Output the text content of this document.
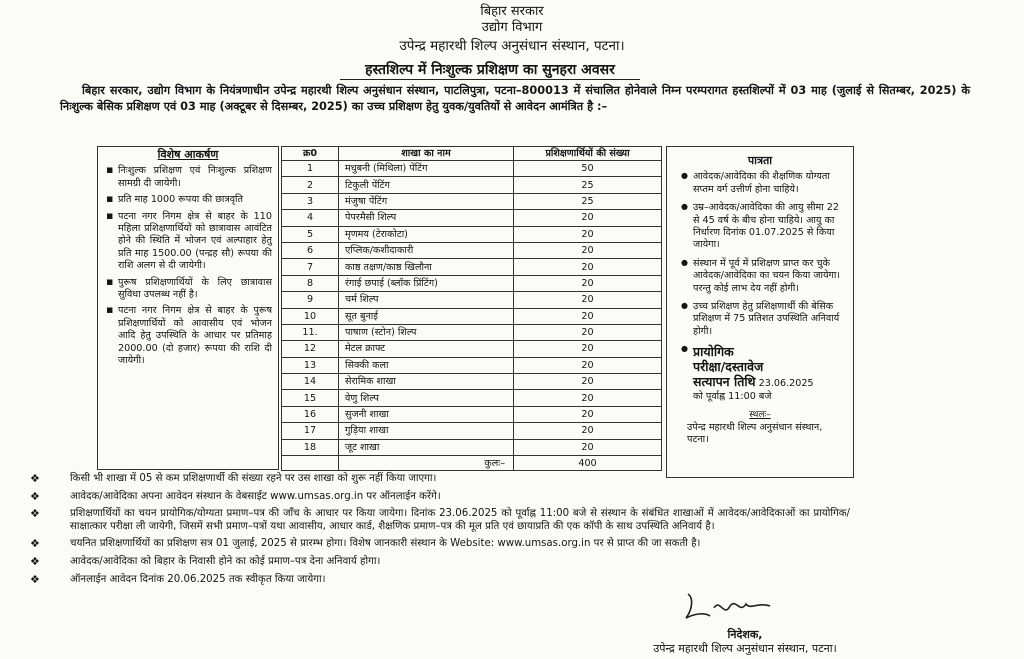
बिहार सरकार
उद्योग विभाग
उपेन्द्र महारथी शिल्प अनुसंधान संस्थान, पटना।
हस्तशिल्प में निःशुल्क प्रशिक्षण का सुनहरा अवसर
बिहार सरकार, उद्योग विभाग के नियंत्रणाधीन उपेन्द्र महारथी शिल्प अनुसंधान संस्थान, पाटलिपुत्रा, पटना–800013 में संचालित होनेवाले निम्न परम्परागत हस्तशिल्पों में 03 माह (जुलाई से सितम्बर, 2025) के निःशुल्क बेसिक प्रशिक्षण एवं 03 माह (अक्टूबर से दिसम्बर, 2025) का उच्च प्रशिक्षण हेतु युवक/युवतियों से आवेदन आमंत्रित है :–
विशेष आकर्षण
▪ निःशुल्क प्रशिक्षण एवं निःशुल्क प्रशिक्षण सामग्री दी जायेगी।
▪ प्रति माह 1000 रूपया की छात्रवृति
▪ पटना नगर निगम क्षेत्र से बाहर के 110 महिला प्रशिक्षणार्थियों को छात्रावास आवंटित होने की स्थिति में भोजन एवं अल्पाहार हेतु प्रति माह 1500.00 (पन्द्रह सौ) रूपया की राशि अलग से दी जायेगी।
▪ पुरूष प्रशिक्षणार्थियों के लिए छात्रावास सुविधा उपलब्ध नहीं है।
▪ पटना नगर निगम क्षेत्र से बाहर के पुरूष प्रशिक्षणार्थियों को आवासीय एवं भोजन आदि हेतु उपस्थिति के आधार पर प्रतिमाह 2000.00 (दो हजार) रूपया की राशि दी जायेगी।
क्र0	शाखा का नाम	प्रशिक्षणार्थियों की संख्या
1	मधुबनी (मिथिला) पेंटिंग	50
2	टिकुली पेंटिंग	25
3	मंजुषा पेंटिंग	25
4	पेपरमैसी शिल्प	20
5	मृणमय (टेराकोटा)	20
6	एप्लिक/कशीदाकारी	20
7	काष्ठ तक्षण/काष्ठ खिलौना	20
8	रंगाई छपाई (ब्लॉक प्रिंटिंग)	20
9	चर्म शिल्प	20
10	सूत बुनाई	20
11.	पाषाण (स्टोन) शिल्प	20
12	मेटल क्राफ्ट	20
13	सिक्की कला	20
14	सेरामिक शाखा	20
15	वेणु शिल्प	20
16	सुजनी शाखा	20
17	गुड़िया शाखा	20
18	जूट शाखा	20
	कुलः–	400
पात्रता
● आवेदक/आवेदिका की शैक्षणिक योग्यता सप्तम वर्ग उत्तीर्ण होना चाहिये।
● उम्र–आवेदक/आवेदिका की आयु सीमा 22 से 45 वर्ष के बीच होना चाहिये। आयु का निर्धारण दिनांक 01.07.2025 से किया जायेगा।
● संस्थान में पूर्व में प्रशिक्षण प्राप्त कर चुके आवेदक/आवेदिका का चयन किया जायेगा। परन्तु कोई लाभ देय नहीं होगी।
● उच्च प्रशिक्षण हेतु प्रशिक्षणार्थी की बेसिक प्रशिक्षण में 75 प्रतिशत उपस्थिति अनिवार्य होगी।
● प्रायोगिक
परीक्षा/दस्तावेज
सत्यापन तिथि 23.06.2025
को पूर्वाह्न 11:00 बजे
स्थलः–
उपेन्द्र महारथी शिल्प अनुसंधान संस्थान, पटना।
❖	किसी भी शाखा में 05 से कम प्रशिक्षणार्थी की संख्या रहने पर उस शाखा को शुरू नहीं किया जाएगा।
❖	आवेदक/आवेदिका अपना आवेदन संस्थान के वेबसाईट www.umsas.org.in पर ऑनलाईन करेंगे।
❖	प्रशिक्षणार्थियों का चयन प्रायोगिक/योग्यता प्रमाण–पत्र की जाँच के आधार पर किया जायेगा। दिनांक 23.06.2025 को पूर्वाह्न 11:00 बजे से संस्थान के संबंधित शाखाओं में आवेदक/आवेदिकाओं का प्रायोगिक/साक्षात्कार परीक्षा ली जायेगी, जिसमें सभी प्रमाण–पत्रों यथा आवासीय, आधार कार्ड, शैक्षणिक प्रमाण–पत्र की मूल प्रति एवं छायाप्रति की एक कॉपी के साथ उपस्थिति अनिवार्य है।
❖	चयनित प्रशिक्षणार्थियों का प्रशिक्षण सत्र 01 जुलाई, 2025 से प्रारम्भ होगा। विशेष जानकारी संस्थान के Website: www.umsas.org.in पर से प्राप्त की जा सकती है।
❖	आवेदक/आवेदिका को बिहार के निवासी होने का कोई प्रमाण–पत्र देना अनिवार्य होगा।
❖	ऑनलाईन आवेदन दिनांक 20.06.2025 तक स्वीकृत किया जायेगा।
निदेशक,
उपेन्द्र महारथी शिल्प अनुसंधान संस्थान, पटना।
